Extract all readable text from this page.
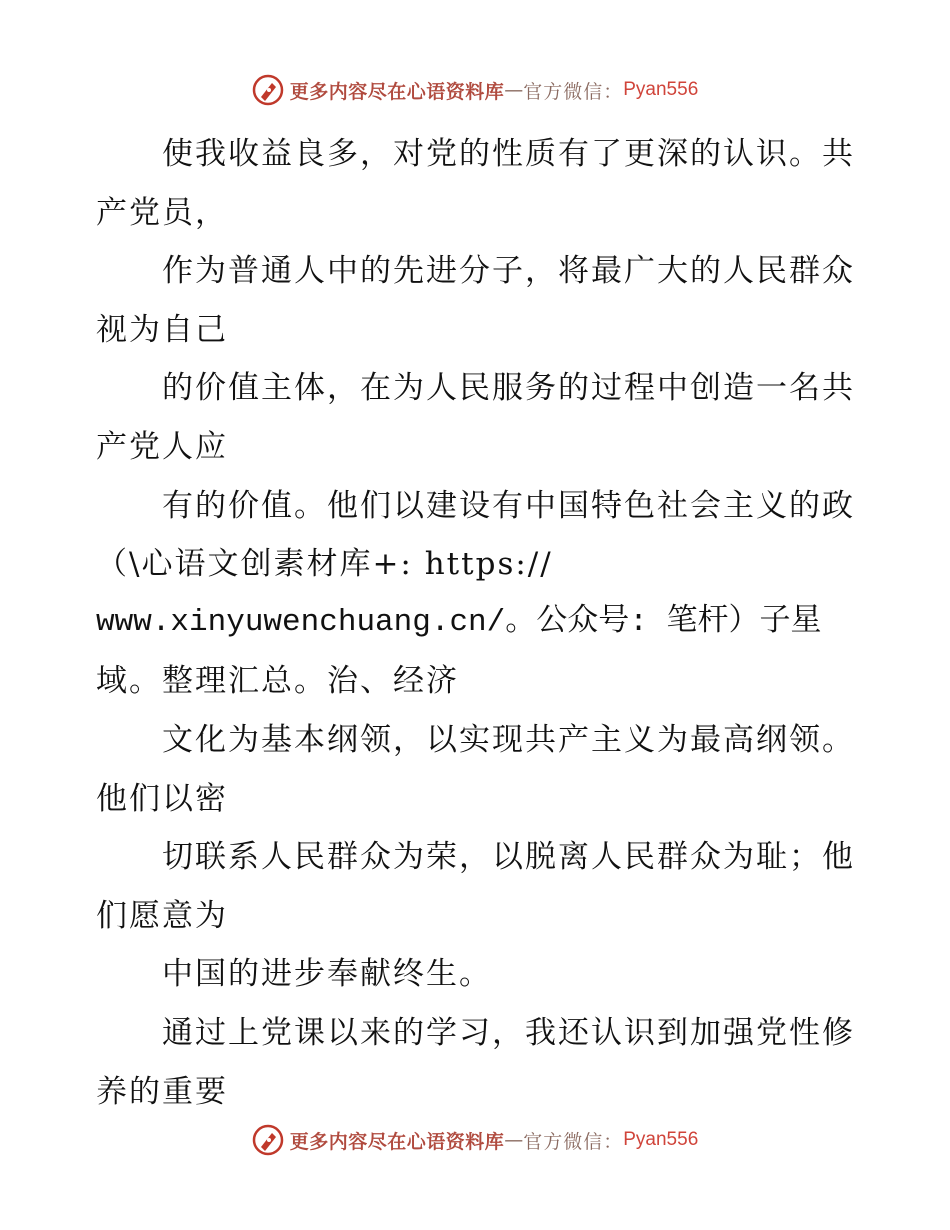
更多内容尽在心语资料库 — 官方微信： Pyan556
　　使我收益良多，对党的性质有了更深的认识。共
产党员，
　　作为普通人中的先进分子，将最广大的人民群众
视为自己
　　的价值主体，在为人民服务的过程中创造一名共
产党人应
　　有的价值。他们以建设有中国特色社会主义的政
（\心语文创素材库+: https://
www.xinyuwenchuang.cn/。公众号: 笔杆）子星
域。整理汇总。治、经济
　　文化为基本纲领，以实现共产主义为最高纲领。
他们以密
　　切联系人民群众为荣，以脱离人民群众为耻；他
们愿意为
　　中国的进步奉献终生。
　　通过上党课以来的学习，我还认识到加强党性修
养的重要
更多内容尽在心语资料库 — 官方微信： Pyan556
